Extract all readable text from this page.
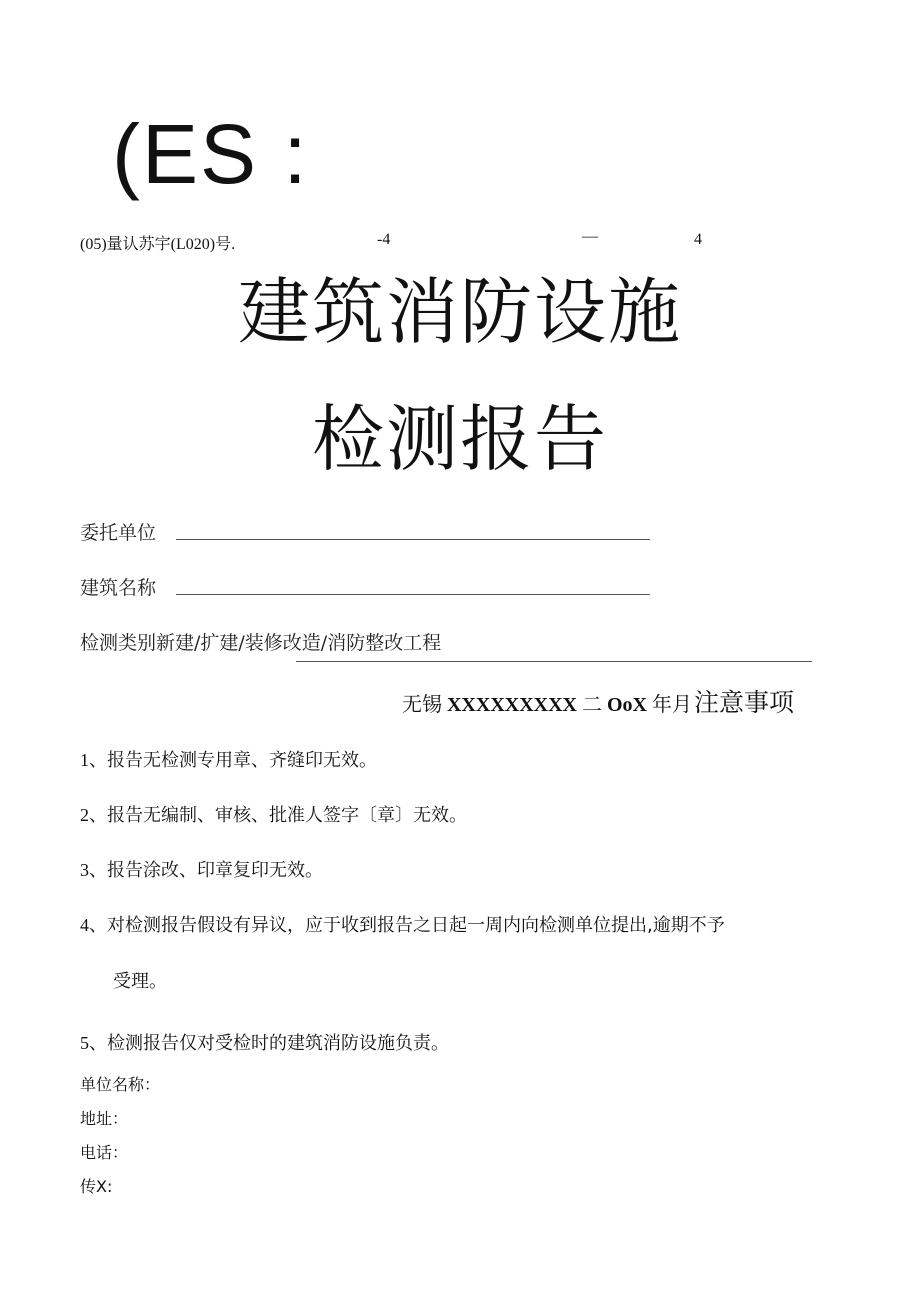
(ES :
(05)量认苏宇(L020)号.	-4	—	4
建筑消防设施
检测报告
委托单位
建筑名称
检测类别新建/扩建/装修改造/消防整改工程
无锡 XXXXXXXXX 二 OoX 年月注意事项
1、报告无检测专用章、齐缝印无效。
2、报告无编制、审核、批准人签字〔章〕无效。
3、报告涂改、印章复印无效。
4、对检测报告假设有异议，应于收到报告之日起一周内向检测单位提出,逾期不予
受理。
5、检测报告仅对受检时的建筑消防设施负责。
单位名称：
地址：
电话：
传X:
